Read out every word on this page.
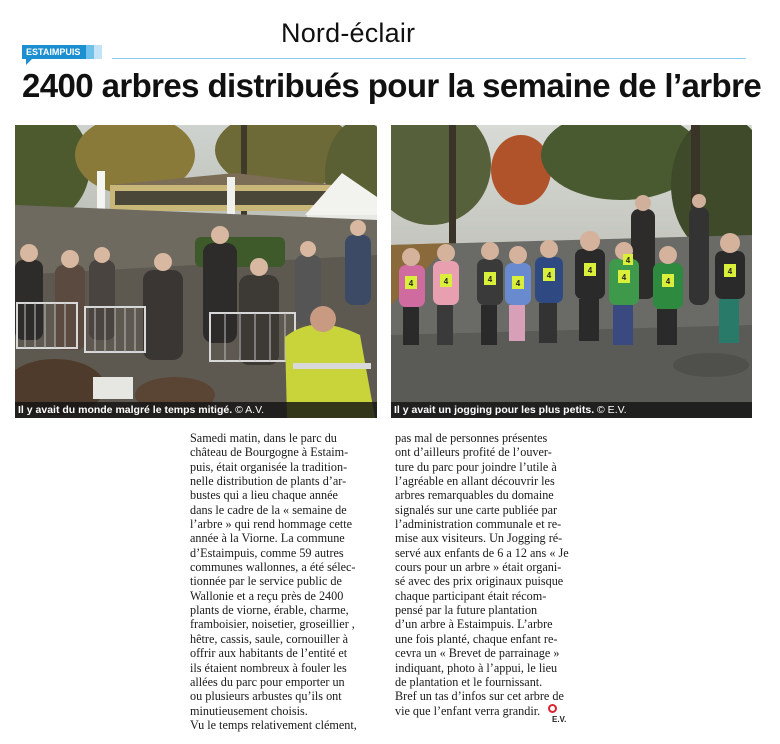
Nord-éclair
ESTAIMPUIS
2400 arbres distribués pour la semaine de l’arbre
Il y avait du monde malgré le temps mitigé. © A.V.
4	4	4	4
4
4
4	4
4
4
Il y avait un jogging pour les plus petits. © E.V.
Samedi matin, dans le parc du
château de Bourgogne à Estaim-
puis, était organisée la tradition-
nelle distribution de plants d’ar-
bustes qui a lieu chaque année
dans le cadre de la « semaine de
l’arbre » qui rend hommage cette
année à la Viorne. La commune
d’Estaimpuis, comme 59 autres
communes wallonnes, a été sélec-
tionnée par le service public de
Wallonie et a reçu près de 2400
plants de viorne, érable, charme,
framboisier, noisetier, groseillier ,
hêtre, cassis, saule, cornouiller à
offrir aux habitants de l’entité et
ils étaient nombreux à fouler les
allées du parc pour emporter un
ou plusieurs arbustes qu’ils ont
minutieusement choisis.
Vu le temps relativement clément,
pas mal de personnes présentes
ont d’ailleurs profité de l’ouver-
ture du parc pour joindre l’utile à
l’agréable en allant découvrir les
arbres remarquables du domaine
signalés sur une carte publiée par
l’administration communale et re-
mise aux visiteurs. Un Jogging ré-
servé aux enfants de 6 a 12 ans « Je
cours pour un arbre » était organi-
sé avec des prix originaux puisque
chaque participant était récom-
pensé par la future plantation
d’un arbre à Estaimpuis. L’arbre
une fois planté, chaque enfant re-
cevra un « Brevet de parrainage »
indiquant, photo à l’appui, le lieu
de plantation et le fournissant.
Bref un tas d’infos sur cet arbre de
vie que l’enfant verra grandir.
E.V.
